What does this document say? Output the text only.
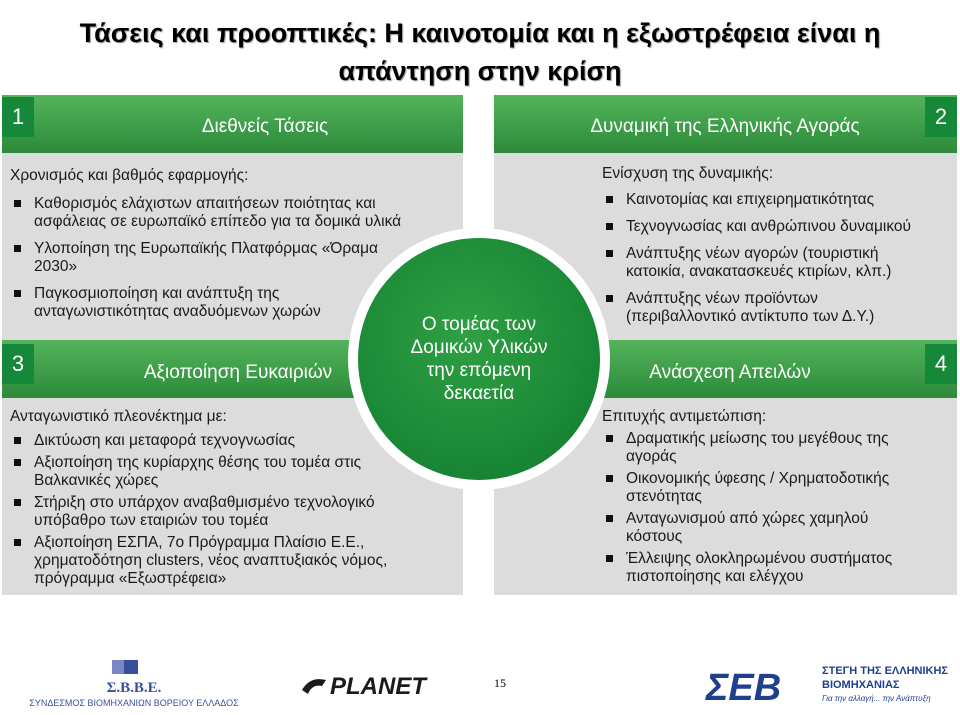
Τάσεις και προοπτικές: Η καινοτομία και η εξωστρέφεια είναι η
απάντηση στην κρίση
1	2
3	4
Διεθνείς Τάσεις	Δυναμική της Ελληνικής Αγοράς
Αξιοποίηση Ευκαιριών	Ανάσχεση Απειλών
Χρονισμός και βαθμός εφαρμογής:
Καθορισμός ελάχιστων απαιτήσεων ποιότητας και ασφάλειας σε ευρωπαϊκό επίπεδο για τα δομικά υλικά
Υλοποίηση της Ευρωπαϊκής Πλατφόρμας «Όραμα 2030»
Παγκοσμιοποίηση και ανάπτυξη της ανταγωνιστικότητας αναδυόμενων χωρών
Ενίσχυση της δυναμικής:
Καινοτομίας και επιχειρηματικότητας
Τεχνογνωσίας και ανθρώπινου δυναμικού
Ανάπτυξης νέων αγορών (τουριστική κατοικία, ανακατασκευές κτιρίων, κλπ.)
Ανάπτυξης νέων προϊόντων (περιβαλλοντικό αντίκτυπο των Δ.Υ.)
Ανταγωνιστικό πλεονέκτημα με:
Δικτύωση και μεταφορά τεχνογνωσίας
Αξιοποίηση της κυρίαρχης θέσης του τομέα στις Βαλκανικές χώρες
Στήριξη στο υπάρχον αναβαθμισμένο τεχνολογικό υπόβαθρο των εταιριών του τομέα
Αξιοποίηση ΕΣΠΑ, 7ο Πρόγραμμα Πλαίσιο Ε.Ε., χρηματοδότηση clusters, νέος αναπτυξιακός νόμος, πρόγραμμα «Εξωστρέφεια»
Επιτυχής αντιμετώπιση:
Δραματικής μείωσης του μεγέθους της αγοράς
Οικονομικής ύφεσης / Χρηματοδοτικής στενότητας
Ανταγωνισμού από χώρες χαμηλού κόστους
Έλλειψης ολοκληρωμένου συστήματος πιστοποίησης και ελέγχου
Ο τομέας των Δομικών Υλικών την επόμενη δεκαετία
15
Σ.Β.Β.Ε.
ΣΥΝΔΕΣΜΟΣ ΒΙΟΜΗΧΑΝΙΩΝ ΒΟΡΕΙΟΥ ΕΛΛΑΔΟΣ
PLANET	ΣΕΒ	ΣΤΕΓΗ ΤΗΣ ΕΛΛΗΝΙΚΗΣ
ΒΙΟΜΗΧΑΝΙΑΣ
Για την αλλαγή... την Ανάπτυξη
